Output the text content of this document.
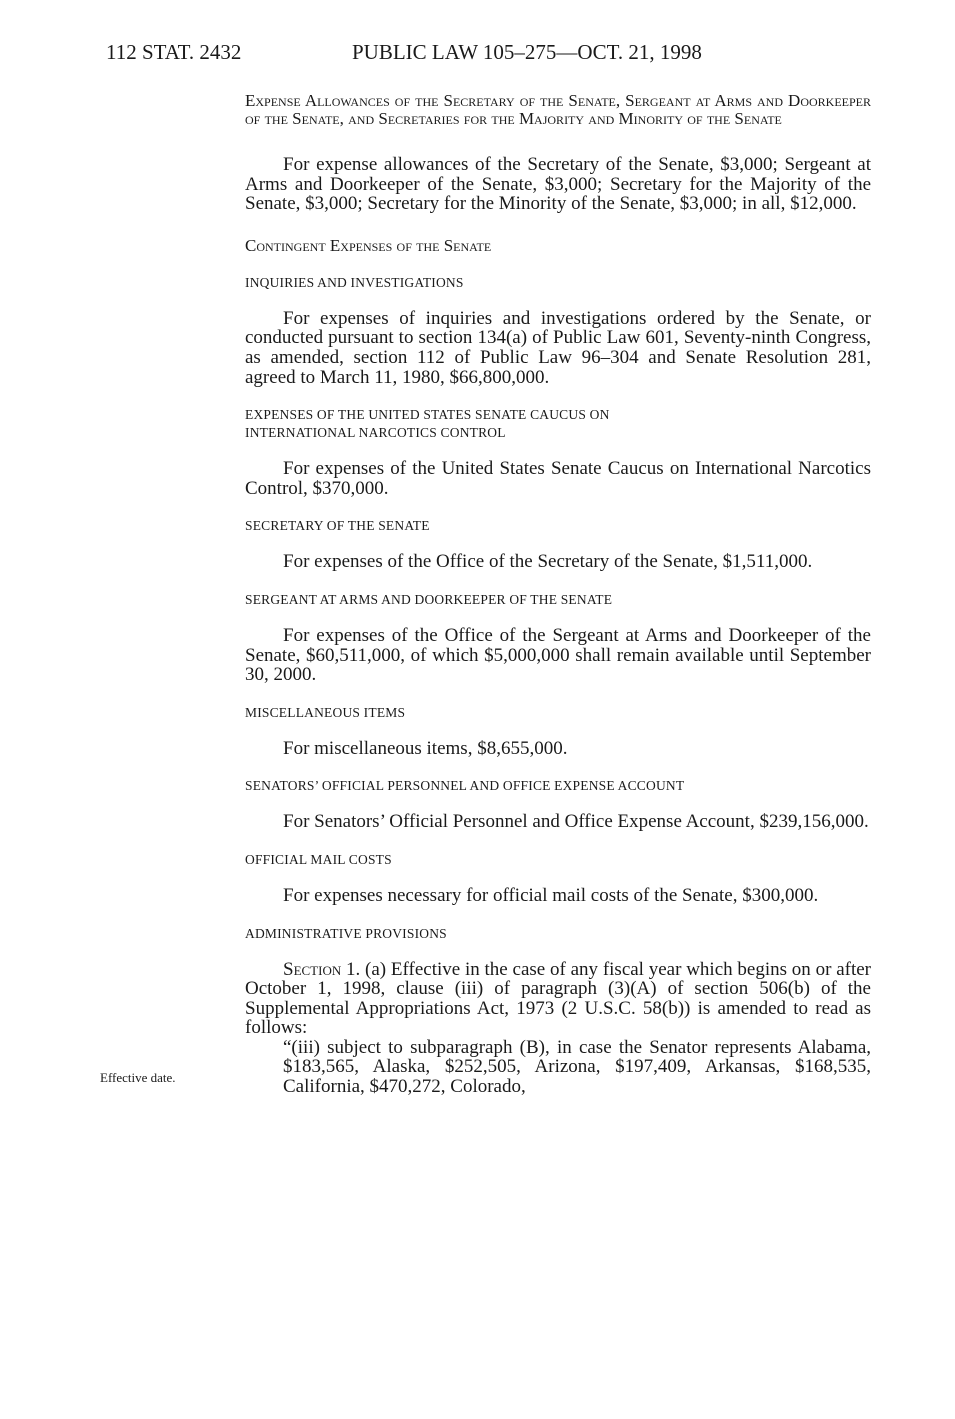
112 STAT. 2432	PUBLIC LAW 105–275—OCT. 21, 1998
Effective date.

Expense Allowances of the Secretary of the Senate, Sergeant at Arms and Doorkeeper of the Senate, and Secretaries for the Majority and Minority of the Senate

For expense allowances of the Secretary of the Senate, $3,000; Sergeant at Arms and Doorkeeper of the Senate, $3,000; Secretary for the Majority of the Senate, $3,000; Secretary for the Minority of the Senate, $3,000; in all, $12,000.

Contingent Expenses of the Senate

INQUIRIES AND INVESTIGATIONS

For expenses of inquiries and investigations ordered by the Senate, or conducted pursuant to section 134(a) of Public Law 601, Seventy-ninth Congress, as amended, section 112 of Public Law 96–304 and Senate Resolution 281, agreed to March 11, 1980, $66,800,000.

EXPENSES OF THE UNITED STATES SENATE CAUCUS ON

INTERNATIONAL NARCOTICS CONTROL

For expenses of the United States Senate Caucus on International Narcotics Control, $370,000.

SECRETARY OF THE SENATE

For expenses of the Office of the Secretary of the Senate, $1,511,000.

SERGEANT AT ARMS AND DOORKEEPER OF THE SENATE

For expenses of the Office of the Sergeant at Arms and Doorkeeper of the Senate, $60,511,000, of which $5,000,000 shall remain available until September 30, 2000.

MISCELLANEOUS ITEMS

For miscellaneous items, $8,655,000.

SENATORS’ OFFICIAL PERSONNEL AND OFFICE EXPENSE ACCOUNT

For Senators’ Official Personnel and Office Expense Account, $239,156,000.

OFFICIAL MAIL COSTS

For expenses necessary for official mail costs of the Senate, $300,000.

ADMINISTRATIVE PROVISIONS

Section 1. (a) Effective in the case of any fiscal year which begins on or after October 1, 1998, clause (iii) of paragraph (3)(A) of section 506(b) of the Supplemental Appropriations Act, 1973 (2 U.S.C. 58(b)) is amended to read as follows:

“(iii) subject to subparagraph (B), in case the Senator represents Alabama, $183,565, Alaska, $252,505, Arizona, $197,409, Arkansas, $168,535, California, $470,272, Colorado,
